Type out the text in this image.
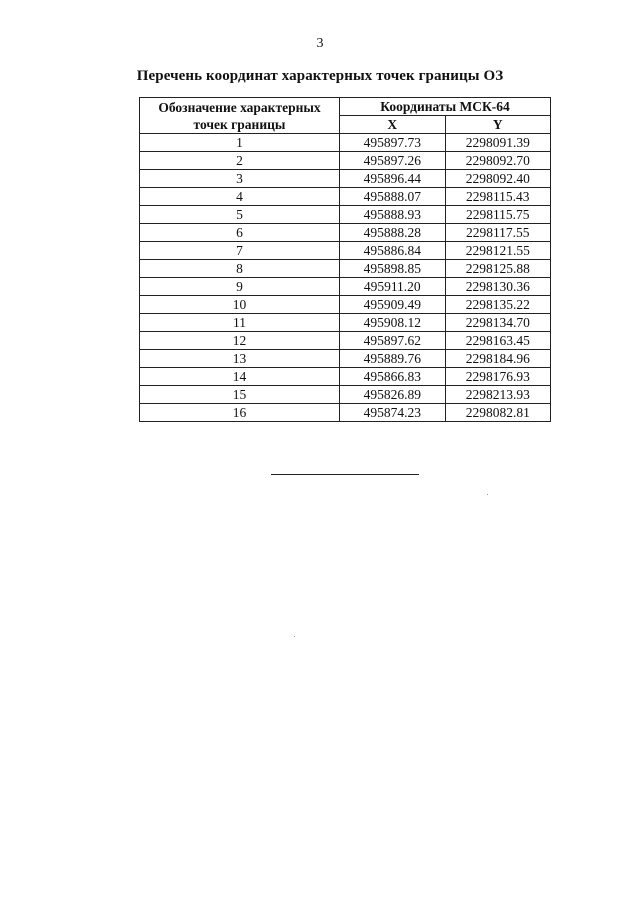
3
Перечень координат характерных точек границы ОЗ
Обозначение характерных точек границы	Координаты МСК-64	
	X	Y
1	495897.73	2298091.39
2	495897.26	2298092.70
3	495896.44	2298092.40
4	495888.07	2298115.43
5	495888.93	2298115.75
6	495888.28	2298117.55
7	495886.84	2298121.55
8	495898.85	2298125.88
9	495911.20	2298130.36
10	495909.49	2298135.22
11	495908.12	2298134.70
12	495897.62	2298163.45
13	495889.76	2298184.96
14	495866.83	2298176.93
15	495826.89	2298213.93
16	495874.23	2298082.81
